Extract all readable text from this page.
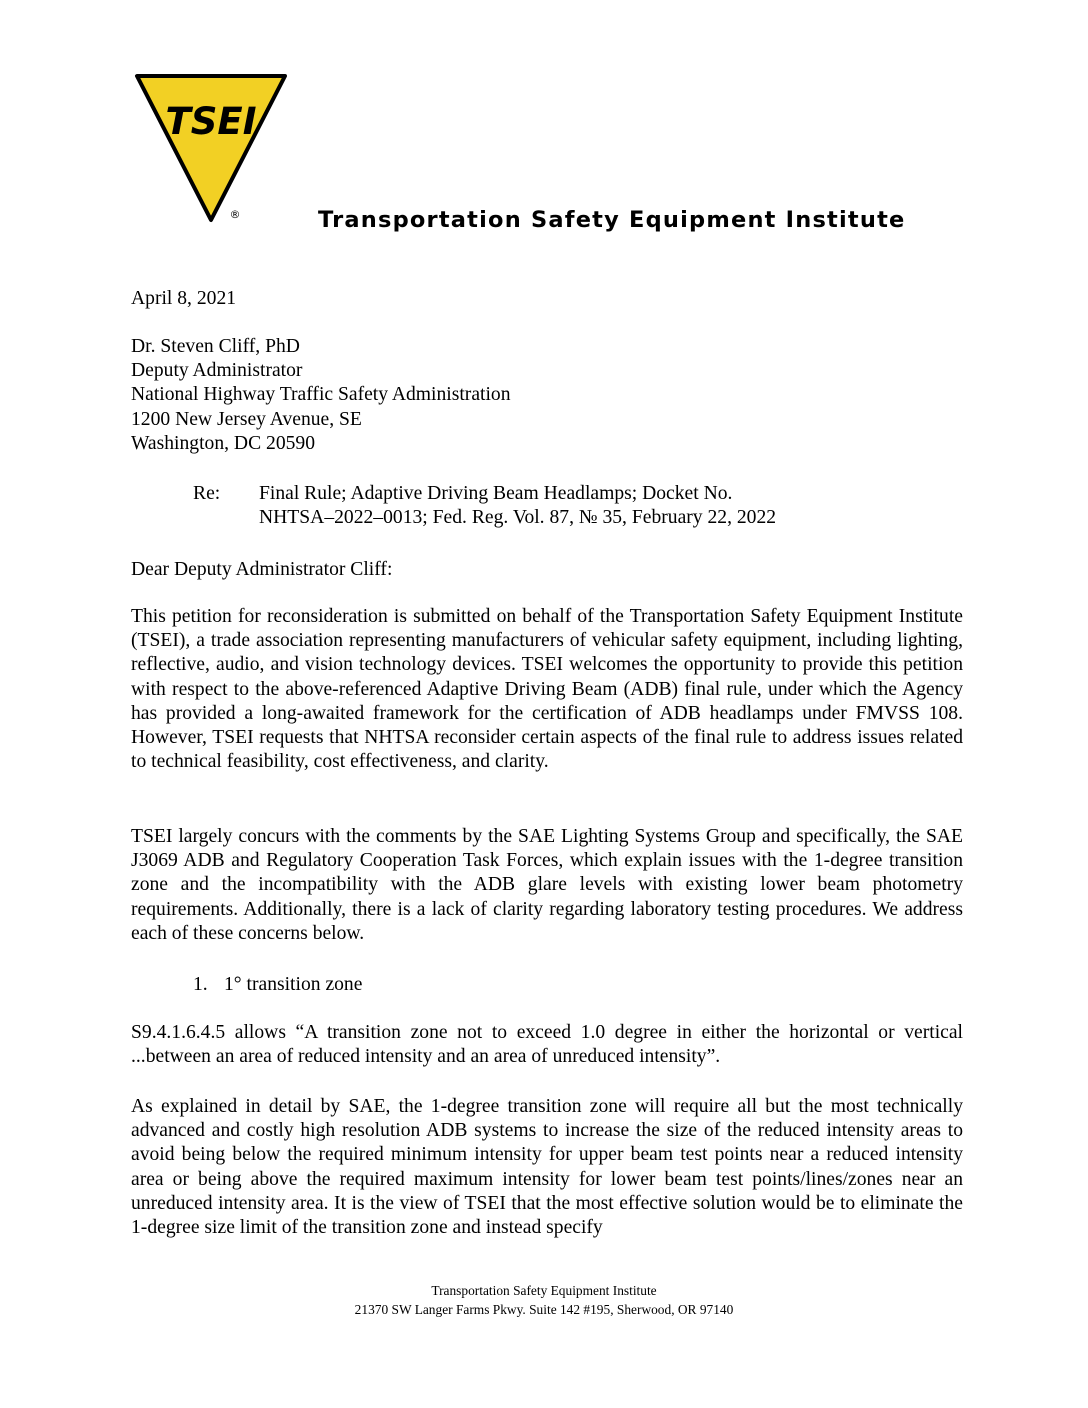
TSEI
®	Transportation Safety Equipment Institute
April 8, 2021
Dr. Steven Cliff, PhD
Deputy Administrator
National Highway Traffic Safety Administration
1200 New Jersey Avenue, SE
Washington, DC 20590
Re: Final Rule; Adaptive Driving Beam Headlamps; Docket No.
NHTSA–2022–0013; Fed. Reg. Vol. 87, № 35, February 22, 2022
Dear Deputy Administrator Cliff:
This petition for reconsideration is submitted on behalf of the Transportation Safety Equipment Institute (TSEI), a trade association representing manufacturers of vehicular safety equipment, including lighting, reflective, audio, and vision technology devices. TSEI welcomes the opportunity to provide this petition with respect to the above-referenced Adaptive Driving Beam (ADB) final rule, under which the Agency has provided a long-awaited framework for the certification of ADB headlamps under FMVSS 108. However, TSEI requests that NHTSA reconsider certain aspects of the final rule to address issues related to technical feasibility, cost effectiveness, and clarity.
TSEI largely concurs with the comments by the SAE Lighting Systems Group and specifically, the SAE J3069 ADB and Regulatory Cooperation Task Forces, which explain issues with the 1-degree transition zone and the incompatibility with the ADB glare levels with existing lower beam photometry requirements. Additionally, there is a lack of clarity regarding laboratory testing procedures. We address each of these concerns below.
1. 1° transition zone
S9.4.1.6.4.5 allows “A transition zone not to exceed 1.0 degree in either the horizontal or vertical ...between an area of reduced intensity and an area of unreduced intensity”.
As explained in detail by SAE, the 1-degree transition zone will require all but the most technically advanced and costly high resolution ADB systems to increase the size of the reduced intensity areas to avoid being below the required minimum intensity for upper beam test points near a reduced intensity area or being above the required maximum intensity for lower beam test points/lines/zones near an unreduced intensity area. It is the view of TSEI that the most effective solution would be to eliminate the 1-degree size limit of the transition zone and instead specify
Transportation Safety Equipment Institute
21370 SW Langer Farms Pkwy. Suite 142 #195, Sherwood, OR 97140
